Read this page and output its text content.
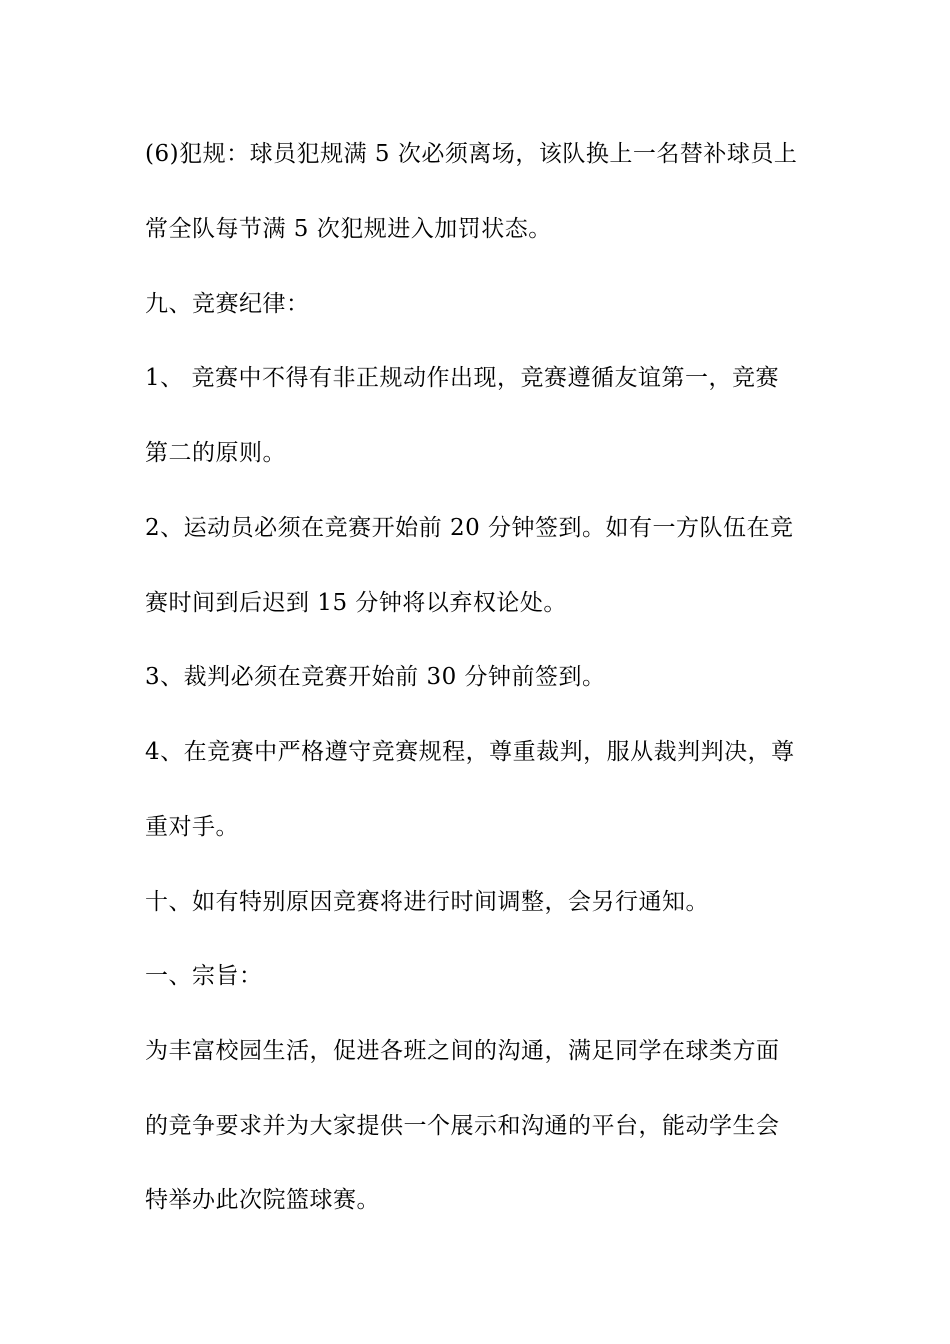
(6)犯规：球员犯规满 5 次必须离场，该队换上一名替补球员上
常全队每节满 5 次犯规进入加罚状态。
九、竞赛纪律：
1、 竞赛中不得有非正规动作出现，竞赛遵循友谊第一，竞赛
第二的原则。
2、运动员必须在竞赛开始前 20 分钟签到。如有一方队伍在竞
赛时间到后迟到 15 分钟将以弃权论处。
3、裁判必须在竞赛开始前 30 分钟前签到。
4、在竞赛中严格遵守竞赛规程，尊重裁判，服从裁判判决，尊
重对手。
十、如有特别原因竞赛将进行时间调整，会另行通知。
一、宗旨：
为丰富校园生活，促进各班之间的沟通，满足同学在球类方面
的竞争要求并为大家提供一个展示和沟通的平台，能动学生会
特举办此次院篮球赛。
